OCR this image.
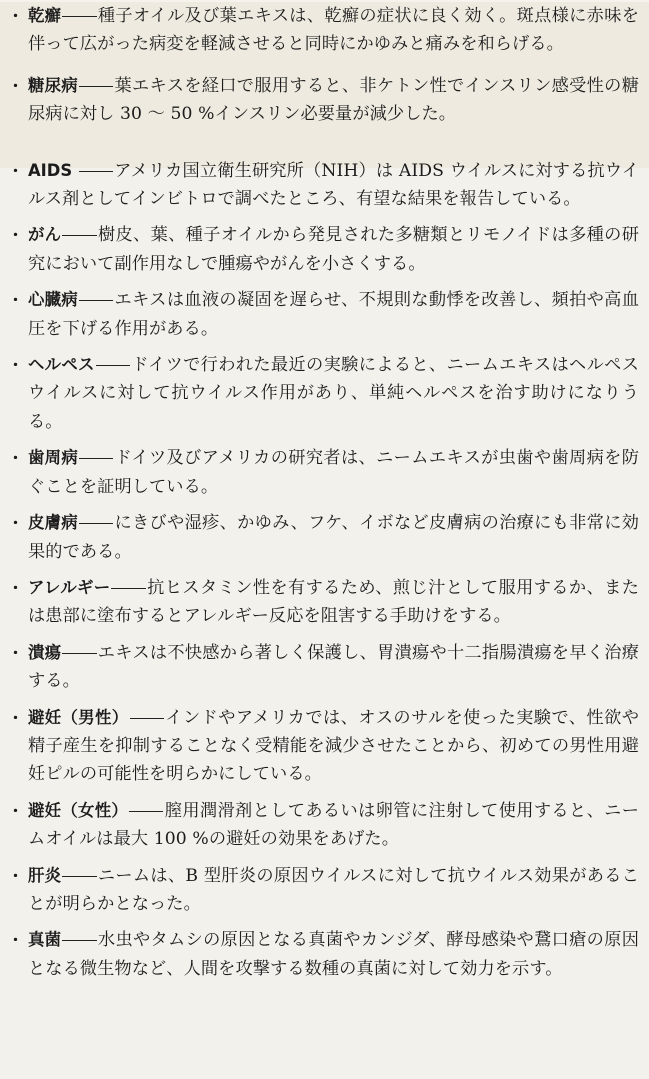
・ 乾癬 種子オイル及び葉エキスは、乾癬の症状に良く効く。斑点様に赤味を伴って広がった病変を軽減させると同時にかゆみと痛みを和らげる。
・ 糖尿病 葉エキスを経口で服用すると、非ケトン性でインスリン感受性の糖尿病に対し 30 ～ 50 %インスリン必要量が減少した。
・ AIDS アメリカ国立衛生研究所（NIH）は AIDS ウイルスに対する抗ウイルス剤としてインビトロで調べたところ、有望な結果を報告している。
・ がん 樹皮、葉、種子オイルから発見された多糖類とリモノイドは多種の研究において副作用なしで腫瘍やがんを小さくする。
・ 心臓病 エキスは血液の凝固を遅らせ、不規則な動悸を改善し、頻拍や高血圧を下げる作用がある。
・ ヘルペス ドイツで行われた最近の実験によると、ニームエキスはヘルペスウイルスに対して抗ウイルス作用があり、単純ヘルペスを治す助けになりうる。
・ 歯周病 ドイツ及びアメリカの研究者は、ニームエキスが虫歯や歯周病を防ぐことを証明している。
・ 皮膚病 にきびや湿疹、かゆみ、フケ、イボなど皮膚病の治療にも非常に効果的である。
・ アレルギー 抗ヒスタミン性を有するため、煎じ汁として服用するか、または患部に塗布するとアレルギー反応を阻害する手助けをする。
・ 潰瘍 エキスは不快感から著しく保護し、胃潰瘍や十二指腸潰瘍を早く治療する。
・ 避妊（男性） インドやアメリカでは、オスのサルを使った実験で、性欲や精子産生を抑制することなく受精能を減少させたことから、初めての男性用避妊ピルの可能性を明らかにしている。
・ 避妊（女性） 膣用潤滑剤としてあるいは卵管に注射して使用すると、ニームオイルは最大 100 %の避妊の効果をあげた。
・ 肝炎 ニームは、B 型肝炎の原因ウイルスに対して抗ウイルス効果があることが明らかとなった。
・ 真菌 水虫やタムシの原因となる真菌やカンジダ、酵母感染や鵞口瘡の原因となる微生物など、人間を攻撃する数種の真菌に対して効力を示す。
